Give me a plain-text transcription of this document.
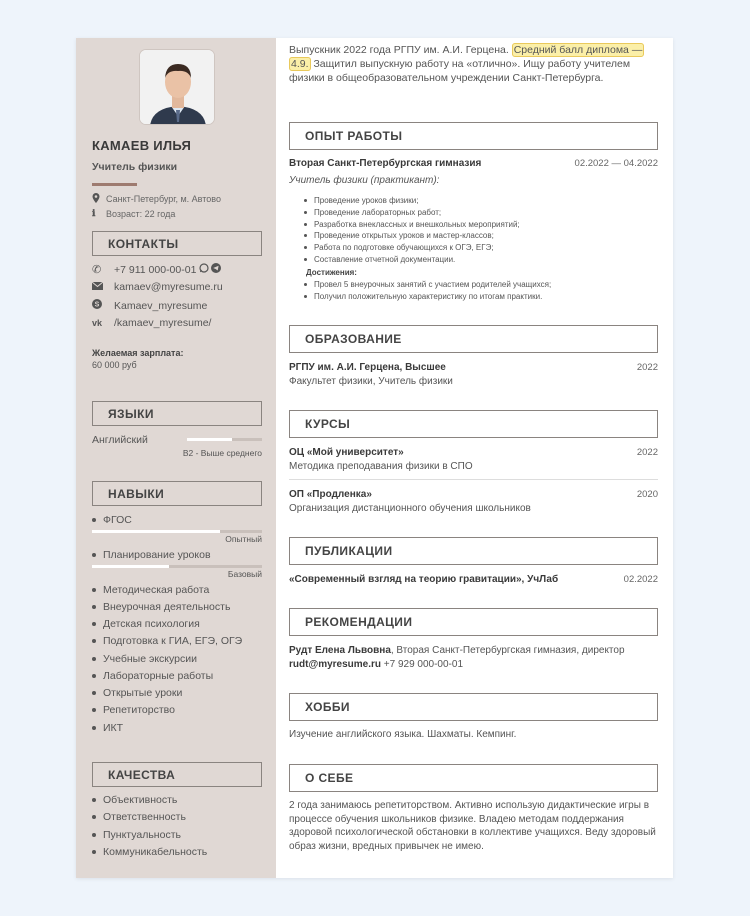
КАМАЕВ ИЛЬЯ
Учитель физики
Санкт-Петербург, м. Автово
ℹ	Возраст: 22 года
КОНТАКТЫ
✆	+7 911 000-00-01
kamaev@myresume.ru
S Kamaev_myresume
vk	/kamaev_myresume/
Желаемая зарплата:
60 000 руб
ЯЗЫКИ
Английский
B2 - Выше среднего
НАВЫКИ
ФГОС
Опытный
Планирование уроков
Базовый
Методическая работа
Внеурочная деятельность
Детская психология
Подготовка к ГИА, ЕГЭ, ОГЭ
Учебные экскурсии
Лабораторные работы
Открытые уроки
Репетиторство
ИКТ
КАЧЕСТВА
Объективность
Ответственность
Пунктуальность
Коммуникабельность
Выпускник 2022 года РГПУ им. А.И. Герцена. Средний балл диплома — 4.9. Защитил выпускную работу на «отлично». Ищу работу учителем физики в общеобразовательном учреждении Санкт-Петербурга.
ОПЫТ РАБОТЫ
Вторая Санкт-Петербургская гимназия	02.2022 — 04.2022
Учитель физики (практикант):
Проведение уроков физики;
Проведение лабораторных работ;
Разработка внеклассных и внешкольных мероприятий;
Проведение открытых уроков и мастер-классов;
Работа по подготовке обучающихся к ОГЭ, ЕГЭ;
Составление отчетной документации.
Достижения:
Провел 5 внеурочных занятий с участием родителей учащихся;
Получил положительную характеристику по итогам практики.
ОБРАЗОВАНИЕ
РГПУ им. А.И. Герцена, Высшее	2022
Факультет физики, Учитель физики
КУРСЫ
ОЦ «Мой университет»	2022
Методика преподавания физики в СПО
ОП «Продленка»	2020
Организация дистанционного обучения школьников
ПУБЛИКАЦИИ
«Современный взгляд на теорию гравитации», УчЛаб	02.2022
РЕКОМЕНДАЦИИ
Рудт Елена Львовна, Вторая Санкт-Петербургская гимназия, директор
rudt@myresume.ru +7 929 000-00-01
ХОББИ
Изучение английского языка. Шахматы. Кемпинг.
О СЕБЕ
2 года занимаюсь репетиторством. Активно использую дидактические игры в процессе обучения школьников физике. Владею методам поддержания здоровой психологической обстановки в коллективе учащихся. Веду здоровый образ жизни, вредных привычек не имею.
